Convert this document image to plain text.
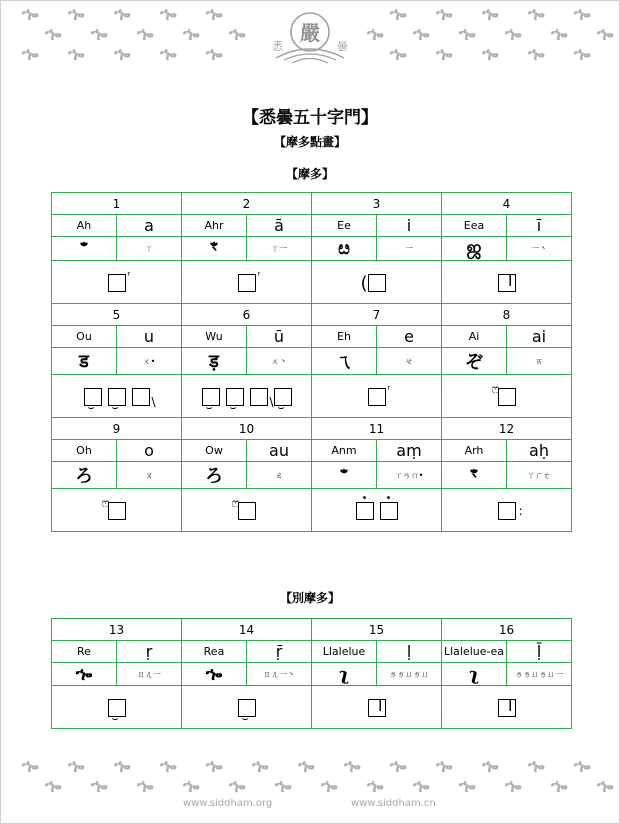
ኈ ኈ ኈ ኈ ኈ	ኈ ኈ ኈ ኈ ኈ
ኈ ኈ ኈ ኈ ኈ	ኈ ኈ ኈ ኈ ኈ ኈ
ኈ ኈ ኈ ኈ ኈ	ኈ ኈ ኈ ኈ ኈ
嚴
悉	曇
【悉曇五十字門】
【摩多點畫】
【摩多】
1		2		3		4	
Ah	a	Ahr	ā	Ee	i	Eea	ī
ꣲ	ㄚ	ꣳ	ㄚ一	ೞ	一	ஜ	一丶

ʳ		ʳ		(		l	

5		6		7		8	
Ou	u	Wu	ū	Eh	e	Ai	ai
ड	ㄨ•	ड़	ㄨ丶	ㄟ	ㄝ	ぞ	ㄞ

⌣ ⌣ \		⌣ ⌣ \ ⌣		ʳ		ෆ	

9		10		11		12	
Oh	o	Ow	au	Anm	aṃ	Arh	aḥ
ろ	ㄡ	ろ	ㄠ	ꣲ	ㄚㄢㄇ•	ꣳ	ㄚㄏㄜ

ෆ		ෆ		• •		:	
【別摩多】
13		14		15		16	
Re	ṛ	Rea	ṝ	Llalelue	ḷ	Llalelue-ea	ḹ
ኈ	ㄖㄦ一	ኈ	ㄖㄦ一丶	ʅ	ㄌㄌㄩㄌㄩ	ʅ	ㄌㄌㄩㄌㄩ一

⌣		⌣		l		l	
ኈ ኈ ኈ ኈ ኈ ኈ ኈ ኈ ኈ ኈ ኈ ኈ ኈ
ኈ ኈ ኈ ኈ ኈ ኈ ኈ ኈ ኈ ኈ ኈ ኈ ኈ
www.siddham.org	www.siddham.cn
